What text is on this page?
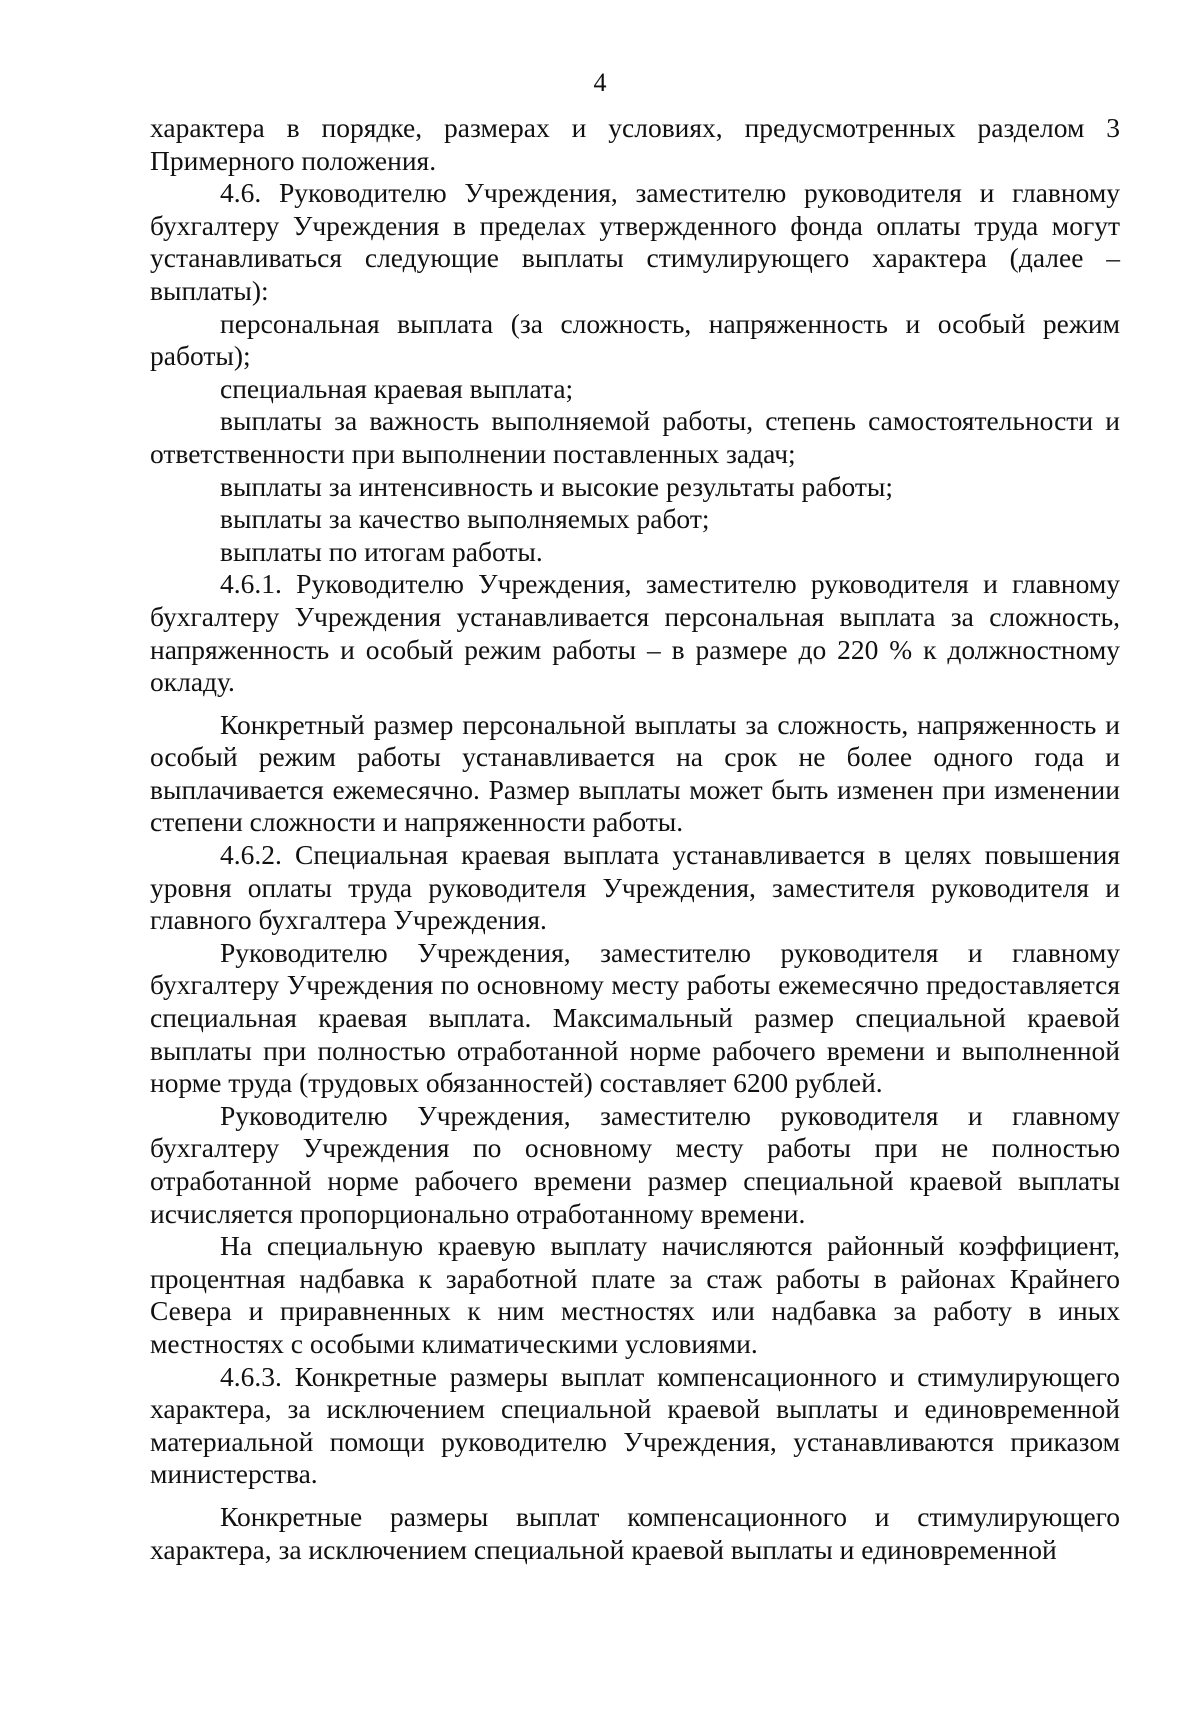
4

характера в порядке, размерах и условиях, предусмотренных разделом 3 Примерного положения.

4.6. Руководителю Учреждения, заместителю руководителя и главному бухгалтеру Учреждения в пределах утвержденного фонда оплаты труда могут устанавливаться следующие выплаты стимулирующего характера (далее – выплаты):

персональная выплата (за сложность, напряженность и особый режим работы);

специальная краевая выплата;

выплаты за важность выполняемой работы, степень самостоятельности и ответственности при выполнении поставленных задач;

выплаты за интенсивность и высокие результаты работы;

выплаты за качество выполняемых работ;

выплаты по итогам работы.

4.6.1. Руководителю Учреждения, заместителю руководителя и главному бухгалтеру Учреждения устанавливается персональная выплата за сложность, напряженность и особый режим работы – в размере до 220 % к должностному окладу.

Конкретный размер персональной выплаты за сложность, напряженность и особый режим работы устанавливается на срок не более одного года и выплачивается ежемесячно. Размер выплаты может быть изменен при изменении степени сложности и напряженности работы.

4.6.2. Специальная краевая выплата устанавливается в целях повышения уровня оплаты труда руководителя Учреждения, заместителя руководителя и главного бухгалтера Учреждения.

Руководителю Учреждения, заместителю руководителя и главному бухгалтеру Учреждения по основному месту работы ежемесячно предоставляется специальная краевая выплата. Максимальный размер специальной краевой выплаты при полностью отработанной норме рабочего времени и выполненной норме труда (трудовых обязанностей) составляет 6200 рублей.

Руководителю Учреждения, заместителю руководителя и главному бухгалтеру Учреждения по основному месту работы при не полностью отработанной норме рабочего времени размер специальной краевой выплаты исчисляется пропорционально отработанному времени.

На специальную краевую выплату начисляются районный коэффициент, процентная надбавка к заработной плате за стаж работы в районах Крайнего Севера и приравненных к ним местностях или надбавка за работу в иных местностях с особыми климатическими условиями.

4.6.3. Конкретные размеры выплат компенсационного и стимулирующего характера, за исключением специальной краевой выплаты и единовременной материальной помощи руководителю Учреждения, устанавливаются приказом министерства.

Конкретные размеры выплат компенсационного и стимулирующего характера, за исключением специальной краевой выплаты и единовременной
